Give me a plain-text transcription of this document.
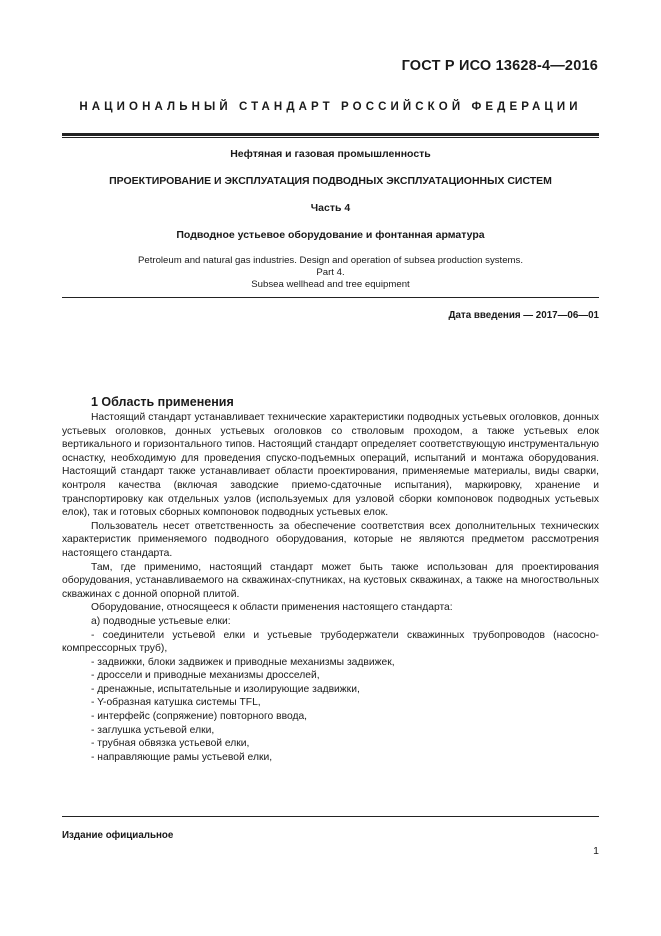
ГОСТ Р ИСО 13628-4—2016
НАЦИОНАЛЬНЫЙ СТАНДАРТ РОССИЙСКОЙ ФЕДЕРАЦИИ
Нефтяная и газовая промышленность
ПРОЕКТИРОВАНИЕ И ЭКСПЛУАТАЦИЯ ПОДВОДНЫХ ЭКСПЛУАТАЦИОННЫХ СИСТЕМ
Часть 4
Подводное устьевое оборудование и фонтанная арматура
Petroleum and natural gas industries. Design and operation of subsea production systems.
Part 4.
Subsea wellhead and tree equipment
Дата введения — 2017—06—01
1 Область применения

Настоящий стандарт устанавливает технические характеристики подводных устьевых оголовков, донных устьевых оголовков, донных устьевых оголовков со стволовым проходом, а также устьевых елок вертикального и горизонтального типов. Настоящий стандарт определяет соответствующую инструментальную оснастку, необходимую для проведения спуско-подъемных операций, испытаний и монтажа оборудования. Настоящий стандарт также устанавливает области проектирования, применяемые материалы, виды сварки, контроля качества (включая заводские приемо-сдаточные испытания), маркировку, хранение и транспортировку как отдельных узлов (используемых для узловой сборки компоновок подводных устьевых елок), так и готовых сборных компоновок подводных устьевых елок.

Пользователь несет ответственность за обеспечение соответствия всех дополнительных технических характеристик применяемого подводного оборудования, которые не являются предметом рассмотрения настоящего стандарта.

Там, где применимо, настоящий стандарт может быть также использован для проектирования оборудования, устанавливаемого на скважинах-спутниках, на кустовых скважинах, а также на многоствольных скважинах с донной опорной плитой.

Оборудование, относящееся к области применения настоящего стандарта:

а) подводные устьевые елки:

- соединители устьевой елки и устьевые трубодержатели скважинных трубопроводов (насосно-компрессорных труб),

- задвижки, блоки задвижек и приводные механизмы задвижек,

- дроссели и приводные механизмы дросселей,

- дренажные, испытательные и изолирующие задвижки,

- Y-образная катушка системы TFL,

- интерфейс (сопряжение) повторного ввода,

- заглушка устьевой елки,

- трубная обвязка устьевой елки,

- направляющие рамы устьевой елки,

Издание официальное
1
